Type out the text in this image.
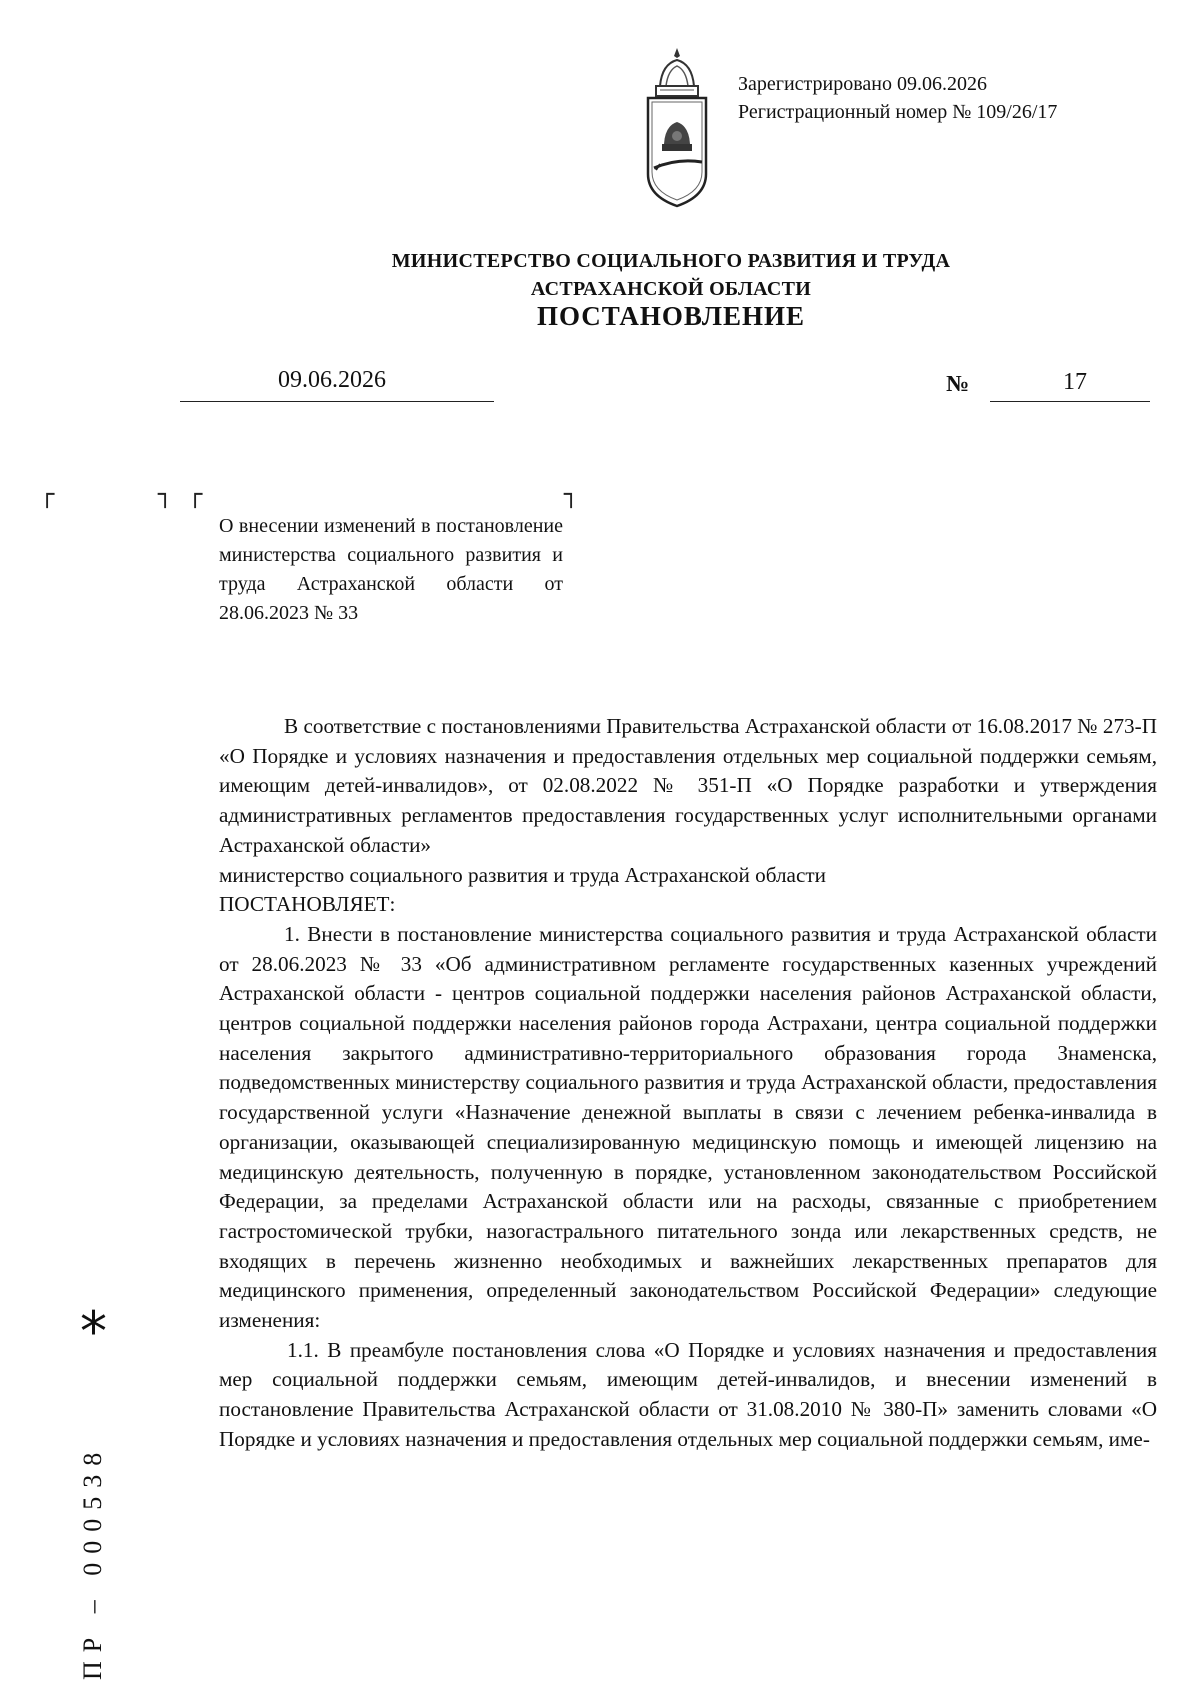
Зарегистрировано 09.06.2026
Регистрационный номер № 109/26/17
МИНИСТЕРСТВО СОЦИАЛЬНОГО РАЗВИТИЯ И ТРУДА
АСТРАХАНСКОЙ ОБЛАСТИ
ПОСТАНОВЛЕНИЕ
09.06.2026	№	17
┌	┐ ┌	┐
О внесении изменений в постановление министерства социального развития и труда Астраханской области от 28.06.2023 № 33

В соответствие с постановлениями Правительства Астраханской области от 16.08.2017 № 273-П «О Порядке и условиях назначения и предоставления отдельных мер социальной поддержки семьям, имеющим детей-инвалидов», от 02.08.2022 № 351-П «О Порядке разработки и утверждения административных регламентов предоставления государственных услуг исполнительными органами Астраханской области»

министерство социального развития и труда Астраханской области

ПОСТАНОВЛЯЕТ:

1. Внести в постановление министерства социального развития и труда Астраханской области от 28.06.2023 № 33 «Об административном регламенте государственных казенных учреждений Астраханской области - центров социальной поддержки населения районов Астраханской области, центров социальной поддержки населения районов города Астрахани, центра социальной поддержки населения закрытого административно-территориального образования города Знаменска, подведомственных министерству социального развития и труда Астраханской области, предоставления государственной услуги «Назначение денежной выплаты в связи с лечением ребенка-инвалида в организации, оказывающей специализированную медицинскую помощь и имеющей лицензию на медицинскую деятельность, полученную в порядке, установленном законодательством Российской Федерации, за пределами Астраханской области или на расходы, связанные с приобретением гастростомической трубки, назогастрального питательного зонда или лекарственных средств, не входящих в перечень жизненно необходимых и важнейших лекарственных препаратов для медицинского применения, определенный законодательством Российской Федерации» следующие изменения:

1.1. В преамбуле постановления слова «О Порядке и условиях назначения и предоставления мер социальной поддержки семьям, имеющим детей-инвалидов, и внесении изменений в постановление Правительства Астраханской области от 31.08.2010 № 380-П» заменить словами «О Порядке и условиях назначения и предоставления отдельных мер социальной поддержки семьям, име-

*
ПР – 000538
